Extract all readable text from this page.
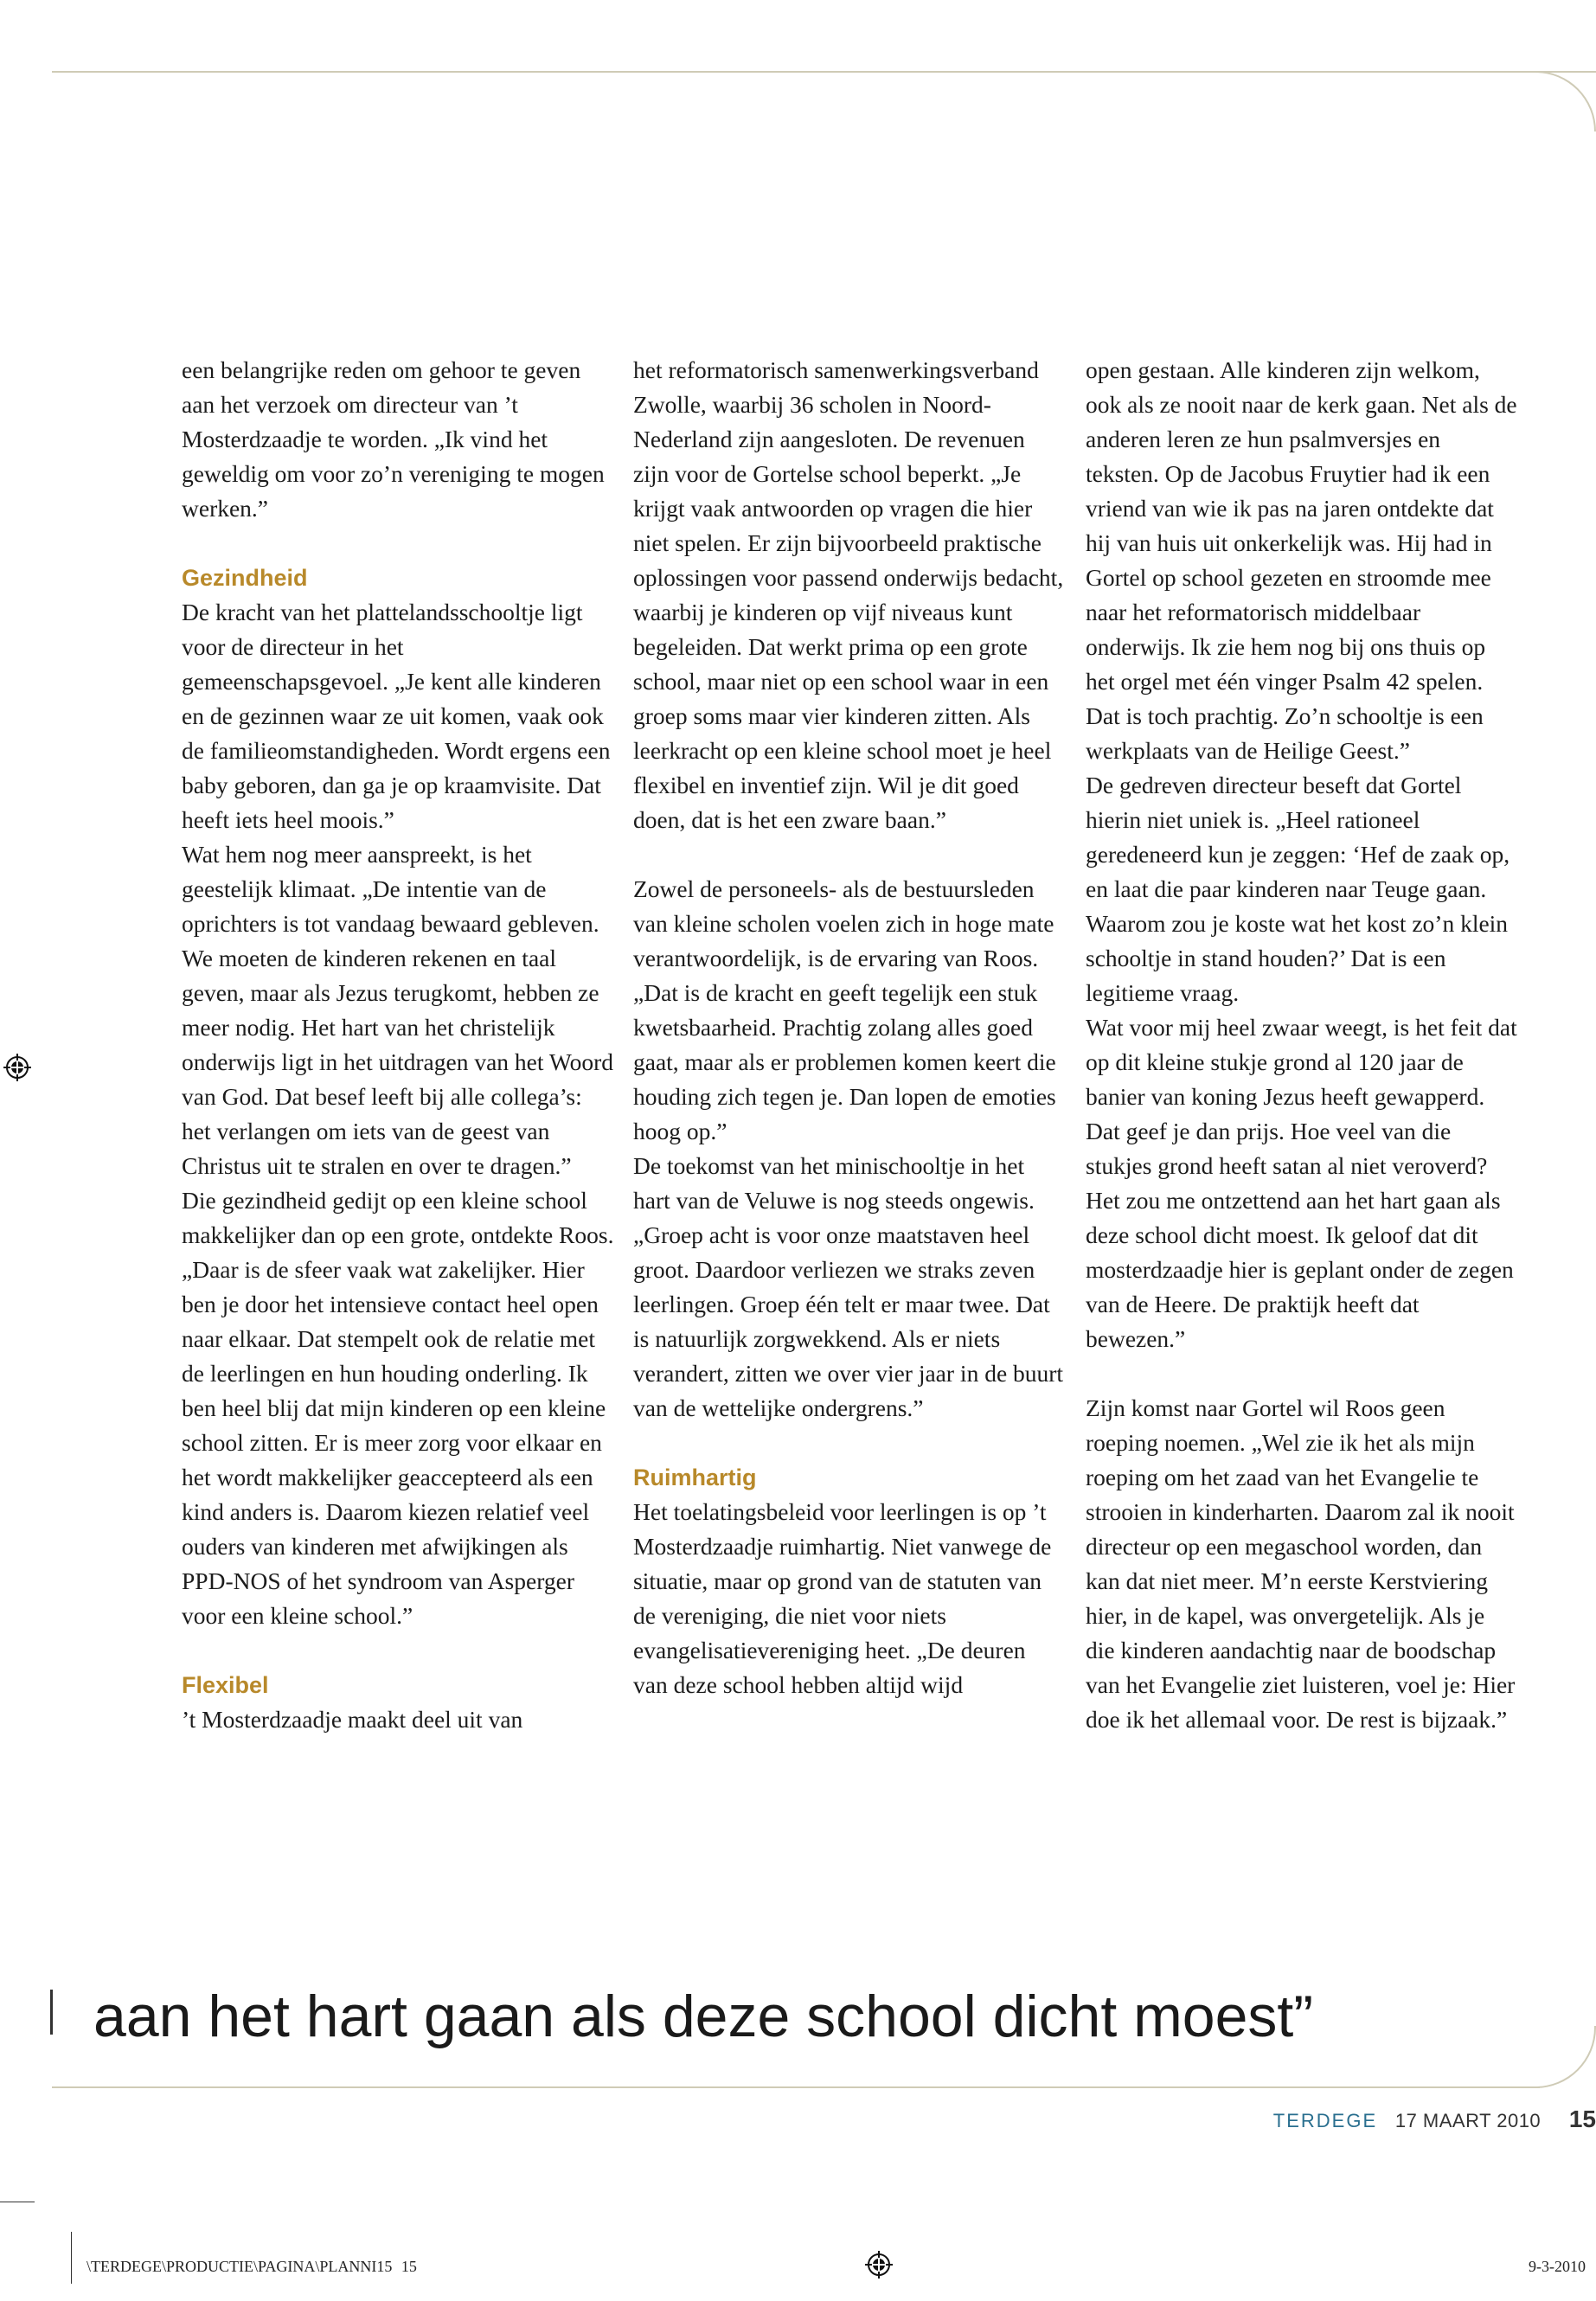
een belangrijke reden om gehoor te geven aan het verzoek om directeur van ’t Mosterdzaadje te worden. „Ik vind het geweldig om voor zo’n vereniging te mogen werken.”

Gezindheid

De kracht van het plattelandsschooltje ligt voor de directeur in het gemeenschapsgevoel. „Je kent alle kinderen en de gezinnen waar ze uit komen, vaak ook de familieomstandigheden. Wordt ergens een baby geboren, dan ga je op kraamvisite. Dat heeft iets heel moois.”

Wat hem nog meer aanspreekt, is het geestelijk klimaat. „De intentie van de oprichters is tot vandaag bewaard gebleven. We moeten de kinderen rekenen en taal geven, maar als Jezus terugkomt, hebben ze meer nodig. Het hart van het christelijk onderwijs ligt in het uitdragen van het Woord van God. Dat besef leeft bij alle collega’s: het verlangen om iets van de geest van Christus uit te stralen en over te dragen.”

Die gezindheid gedijt op een kleine school makkelijker dan op een grote, ontdekte Roos. „Daar is de sfeer vaak wat zakelijker. Hier ben je door het intensieve contact heel open naar elkaar. Dat stempelt ook de relatie met de leerlingen en hun houding onderling. Ik ben heel blij dat mijn kinderen op een kleine school zitten. Er is meer zorg voor elkaar en het wordt makkelijker geaccepteerd als een kind anders is. Daarom kiezen relatief veel ouders van kinderen met afwijkingen als PPD-NOS of het syndroom van Asperger voor een kleine school.”

Flexibel

’t Mosterdzaadje maakt deel uit van

het reformatorisch samenwerkingsverband Zwolle, waarbij 36 scholen in Noord-Nederland zijn aangesloten. De revenuen zijn voor de Gortelse school beperkt. „Je krijgt vaak antwoorden op vragen die hier niet spelen. Er zijn bijvoorbeeld praktische oplossingen voor passend onderwijs bedacht, waarbij je kinderen op vijf niveaus kunt begeleiden. Dat werkt prima op een grote school, maar niet op een school waar in een groep soms maar vier kinderen zitten. Als leerkracht op een kleine school moet je heel flexibel en inventief zijn. Wil je dit goed doen, dat is het een zware baan.”

Zowel de personeels- als de bestuursleden van kleine scholen voelen zich in hoge mate verantwoordelijk, is de ervaring van Roos. „Dat is de kracht en geeft tegelijk een stuk kwetsbaarheid. Prachtig zolang alles goed gaat, maar als er problemen komen keert die houding zich tegen je. Dan lopen de emoties hoog op.”

De toekomst van het minischooltje in het hart van de Veluwe is nog steeds ongewis. „Groep acht is voor onze maatstaven heel groot. Daardoor verliezen we straks zeven leerlingen. Groep één telt er maar twee. Dat is natuurlijk zorgwekkend. Als er niets verandert, zitten we over vier jaar in de buurt van de wettelijke ondergrens.”

Ruimhartig

Het toelatingsbeleid voor leerlingen is op ’t Mosterdzaadje ruimhartig. Niet vanwege de situatie, maar op grond van de statuten van de vereniging, die niet voor niets evangelisatievereniging heet. „De deuren van deze school hebben altijd wijd

open gestaan. Alle kinderen zijn welkom, ook als ze nooit naar de kerk gaan. Net als de anderen leren ze hun psalmversjes en teksten. Op de Jacobus Fruytier had ik een vriend van wie ik pas na jaren ontdekte dat hij van huis uit onkerkelijk was. Hij had in Gortel op school gezeten en stroomde mee naar het reformatorisch middelbaar onderwijs. Ik zie hem nog bij ons thuis op het orgel met één vinger Psalm 42 spelen. Dat is toch prachtig. Zo’n schooltje is een werkplaats van de Heilige Geest.”

De gedreven directeur beseft dat Gortel hierin niet uniek is. „Heel rationeel geredeneerd kun je zeggen: ‘Hef de zaak op, en laat die paar kinderen naar Teuge gaan. Waarom zou je koste wat het kost zo’n klein schooltje in stand houden?’ Dat is een legitieme vraag.

Wat voor mij heel zwaar weegt, is het feit dat op dit kleine stukje grond al 120 jaar de banier van koning Jezus heeft gewapperd. Dat geef je dan prijs. Hoe veel van die stukjes grond heeft satan al niet veroverd? Het zou me ontzettend aan het hart gaan als deze school dicht moest. Ik geloof dat dit mosterdzaadje hier is geplant onder de zegen van de Heere. De praktijk heeft dat bewezen.”

Zijn komst naar Gortel wil Roos geen roeping noemen. „Wel zie ik het als mijn roeping om het zaad van het Evangelie te strooien in kinderharten. Daarom zal ik nooit directeur op een megaschool worden, dan kan dat niet meer. M’n eerste Kerstviering hier, in de kapel, was onvergetelijk. Als je die kinderen aandachtig naar de boodschap van het Evangelie ziet luisteren, voel je: Hier doe ik het allemaal voor. De rest is bijzaak.”

aan het hart gaan als deze school dicht moest”
TERDEGE 17 MAART 2010 15
\TERDEGE\PRODUCTIE\PAGINA\PLANNI15 15	9-3-2010
